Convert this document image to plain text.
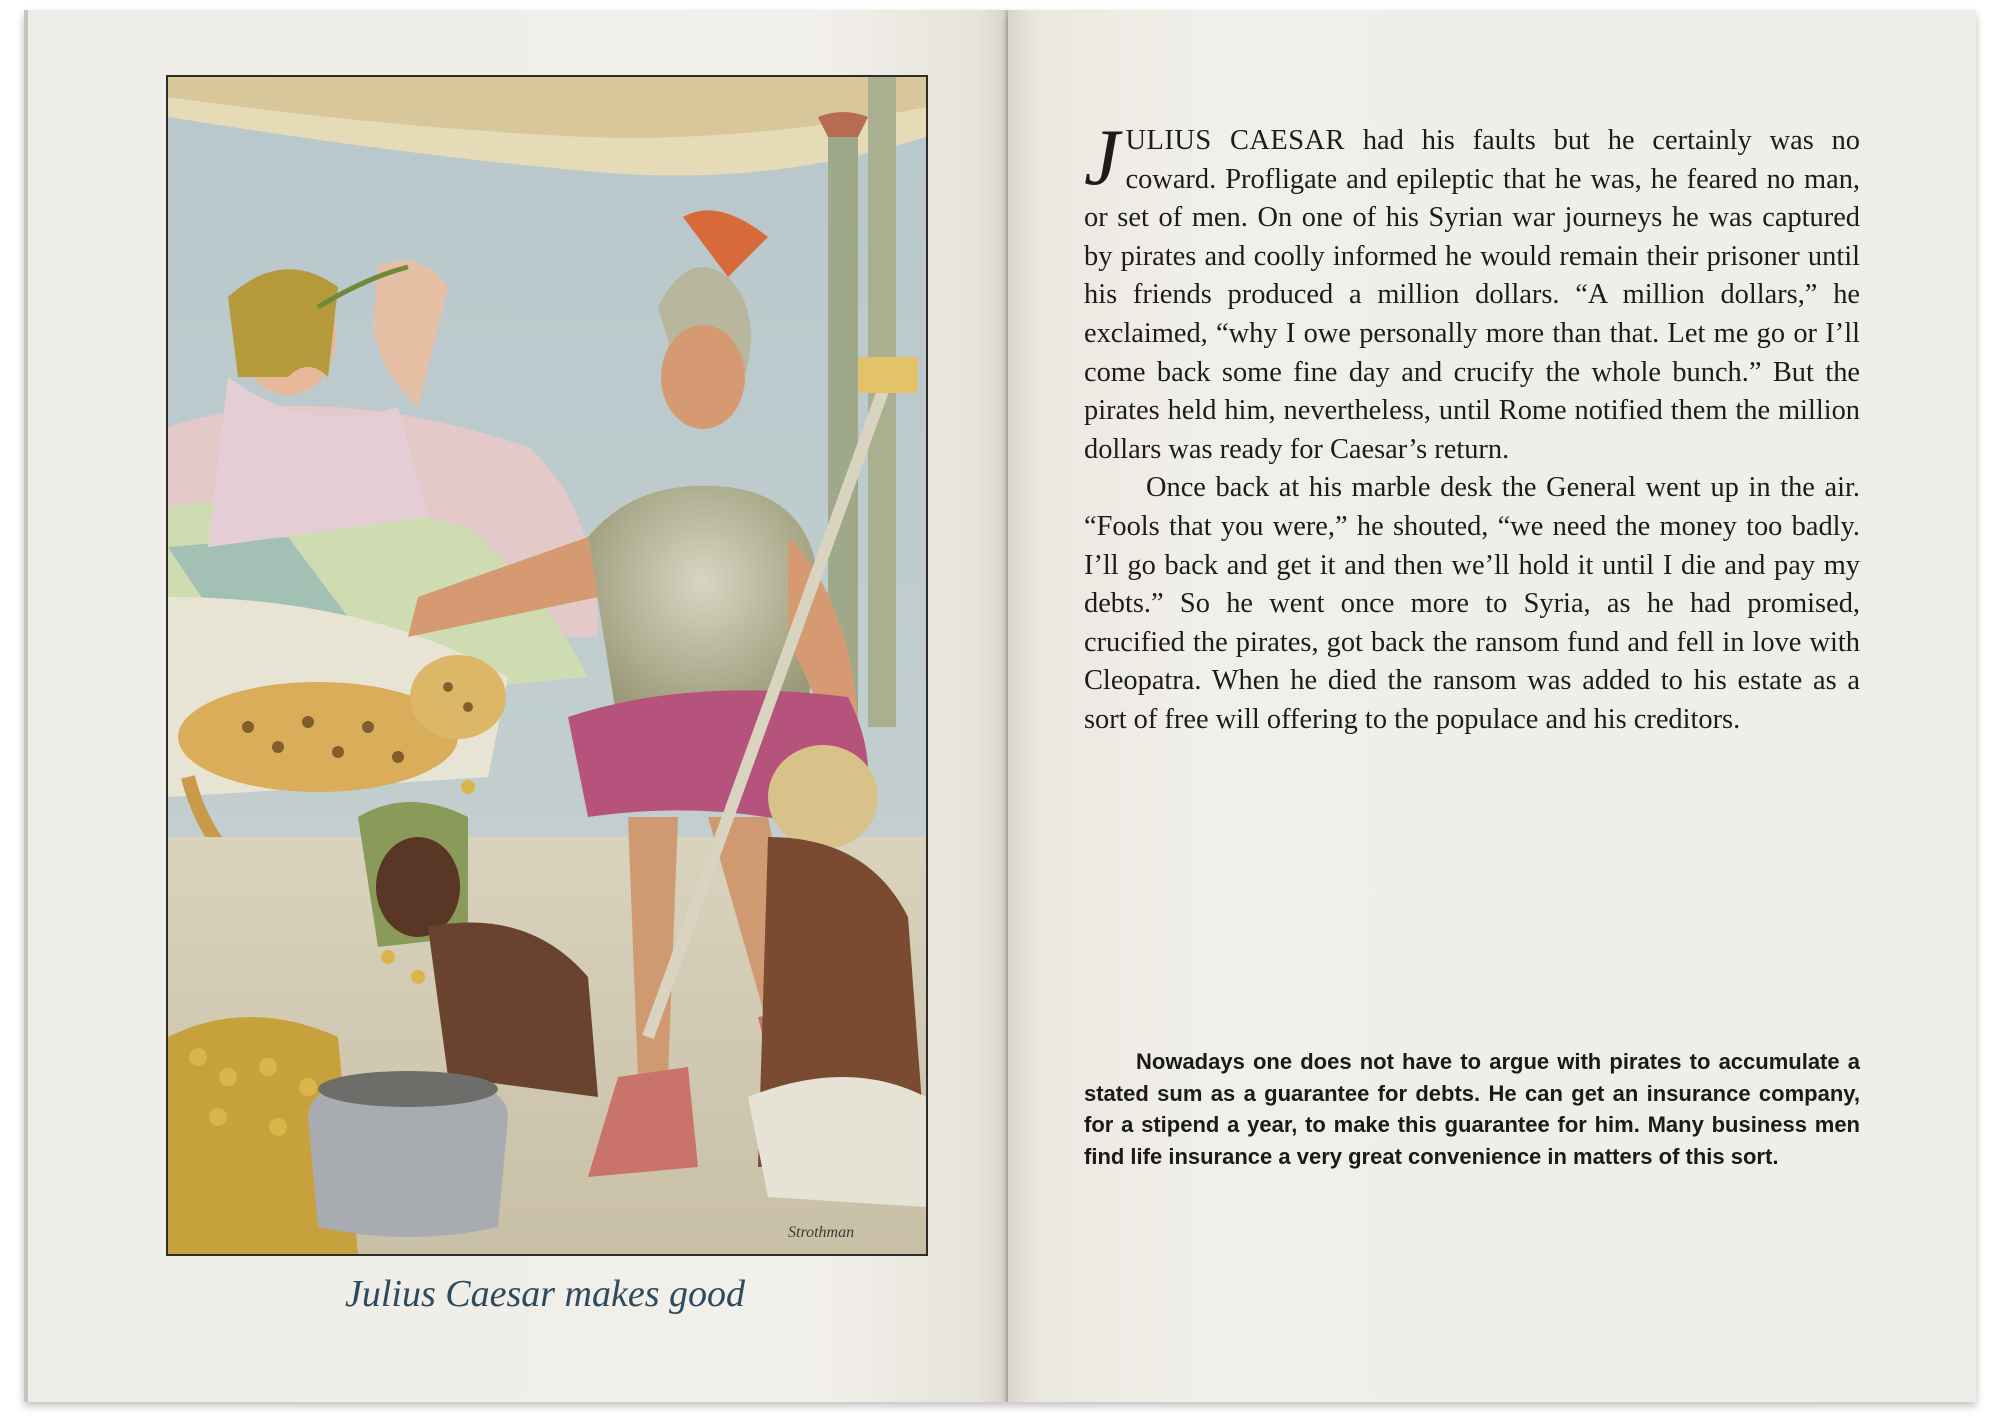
Strothman
Julius Caesar makes good

JULIUS CAESAR had his faults but he certainly was no coward. Profligate and epileptic that he was, he feared no man, or set of men. On one of his Syrian war journeys he was captured by pirates and coolly informed he would remain their prisoner until his friends produced a million dollars. “A million dollars,” he exclaimed, “why I owe personally more than that. Let me go or I’ll come back some fine day and crucify the whole bunch.” But the pirates held him, nevertheless, until Rome notified them the million dollars was ready for Caesar’s return.

Once back at his marble desk the General went up in the air. “Fools that you were,” he shouted, “we need the money too badly. I’ll go back and get it and then we’ll hold it until I die and pay my debts.” So he went once more to Syria, as he had promised, crucified the pirates, got back the ransom fund and fell in love with Cleopatra. When he died the ransom was added to his estate as a sort of free will offering to the populace and his creditors.

Nowadays one does not have to argue with pirates to accumulate a stated sum as a guarantee for debts. He can get an insurance company, for a stipend a year, to make this guarantee for him. Many business men find life insurance a very great convenience in matters of this sort.
